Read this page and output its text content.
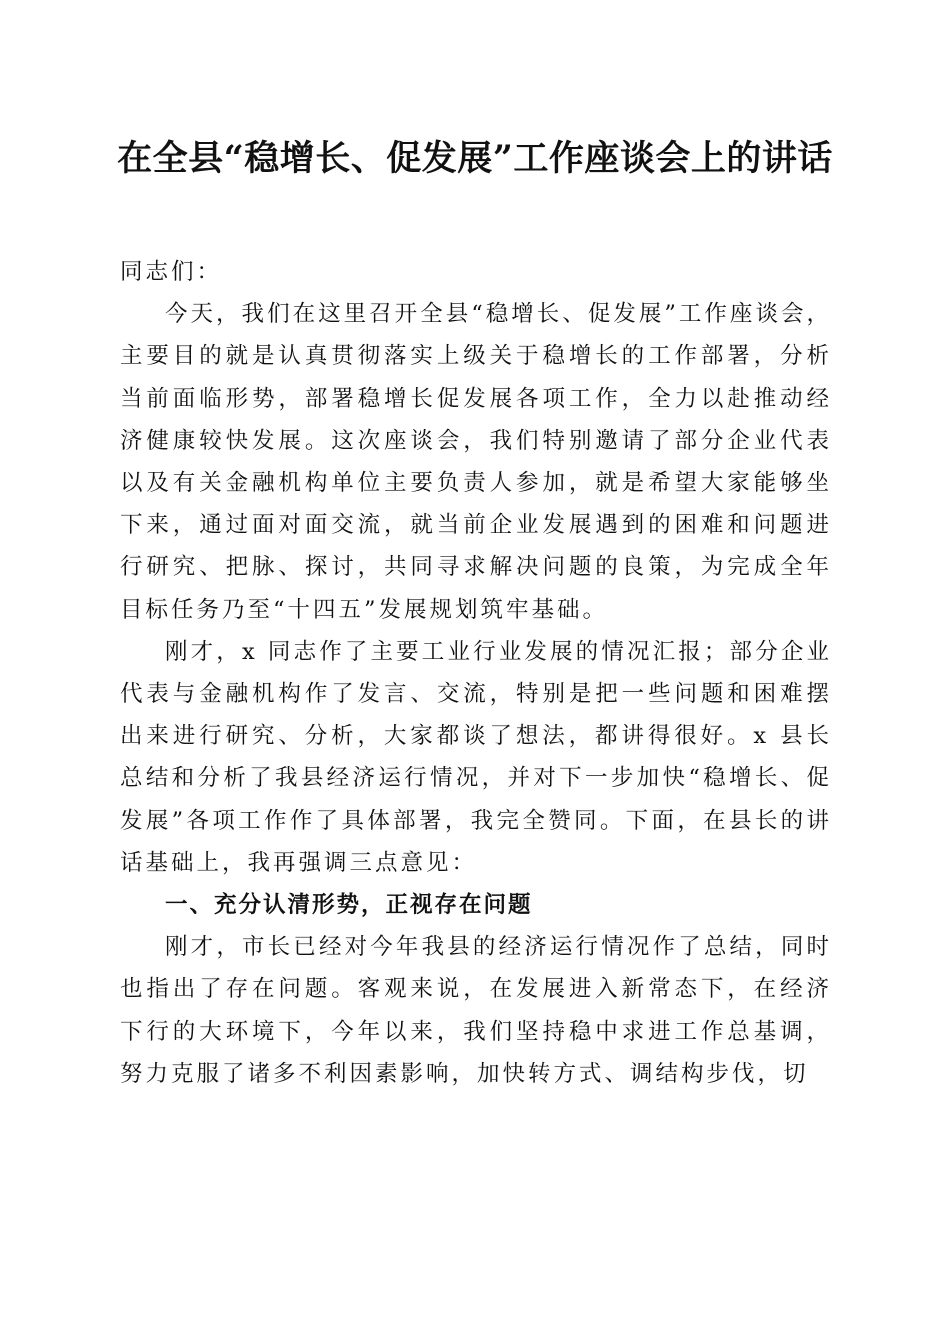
在全县“稳增长、促发展”工作座谈会上的讲话

同志们：

今天，我们在这里召开全县“稳增长、促发展”工作座谈会，主要目的就是认真贯彻落实上级关于稳增长的工作部署，分析当前面临形势，部署稳增长促发展各项工作，全力以赴推动经济健康较快发展。这次座谈会，我们特别邀请了部分企业代表以及有关金融机构单位主要负责人参加，就是希望大家能够坐下来，通过面对面交流，就当前企业发展遇到的困难和问题进行研究、把脉、探讨，共同寻求解决问题的良策，为完成全年目标任务乃至“十四五”发展规划筑牢基础。

刚才，x 同志作了主要工业行业发展的情况汇报；部分企业代表与金融机构作了发言、交流，特别是把一些问题和困难摆出来进行研究、分析，大家都谈了想法，都讲得很好。x 县长总结和分析了我县经济运行情况，并对下一步加快“稳增长、促发展”各项工作作了具体部署，我完全赞同。下面，在县长的讲话基础上，我再强调三点意见：

一、充分认清形势，正视存在问题

刚才，市长已经对今年我县的经济运行情况作了总结，同时也指出了存在问题。客观来说，在发展进入新常态下，在经济下行的大环境下，今年以来，我们坚持稳中求进工作总基调，努力克服了诸多不利因素影响，加快转方式、调结构步伐，切
